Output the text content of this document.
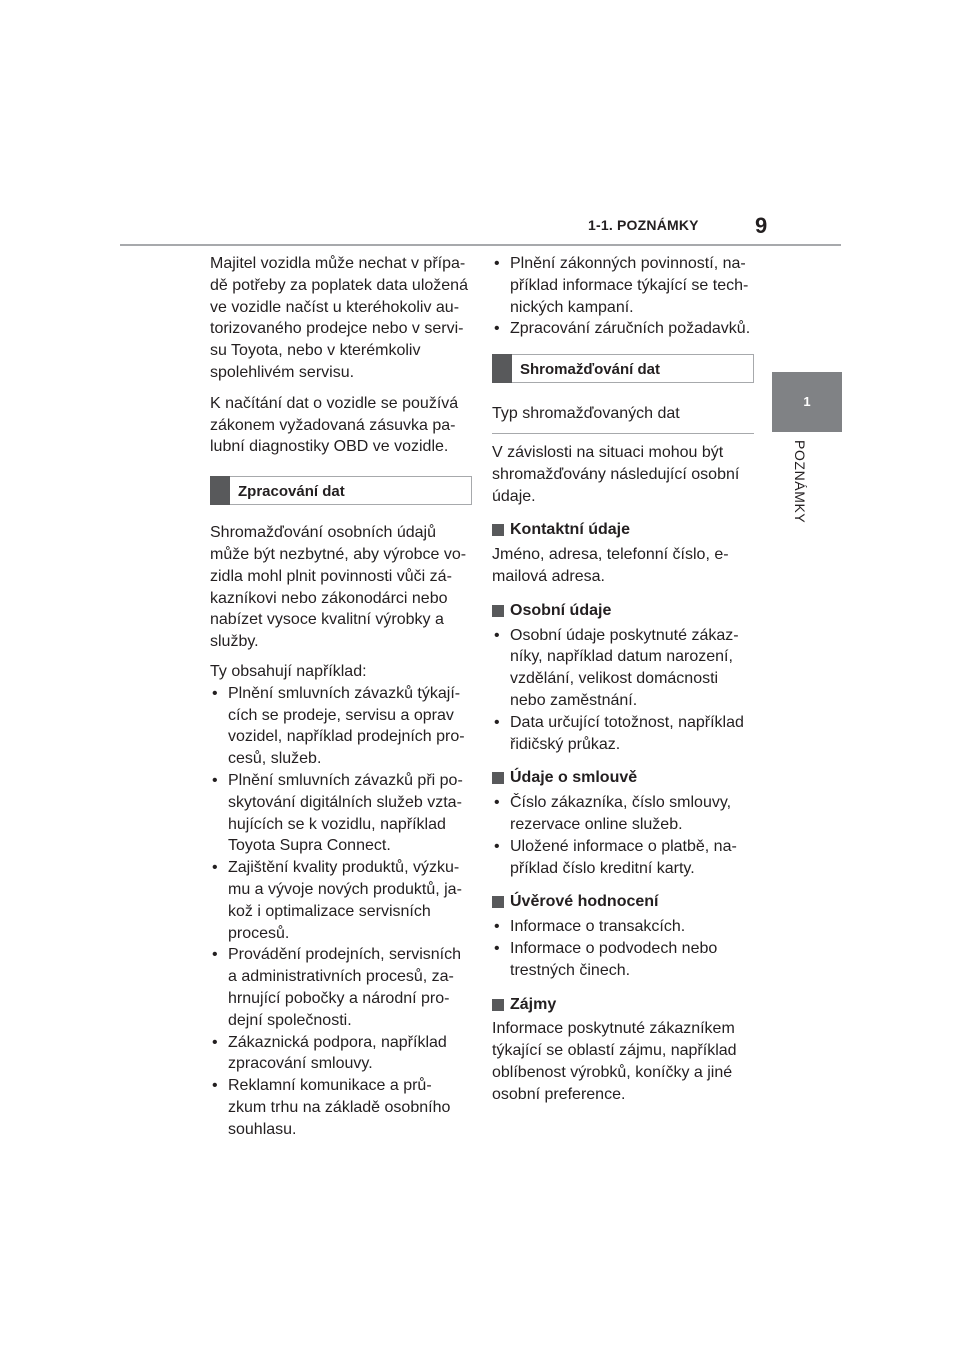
1-1. POZNÁMKY	9
1
POZNÁMKY

Majitel vozidla může nechat v přípa- dě potřeby za poplatek data uložená ve vozidle načíst u kteréhokoliv au- torizovaného prodejce nebo v servi- su Toyota, nebo v kterémkoliv spolehlivém servisu.

K načítání dat o vozidle se používá zákonem vyžadovaná zásuvka pa- lubní diagnostiky OBD ve vozidle.

Zpracování dat

Shromažďování osobních údajů může být nezbytné, aby výrobce vo- zidla mohl plnit povinnosti vůči zá- kazníkovi nebo zákonodárci nebo nabízet vysoce kvalitní výrobky a služby.

Ty obsahují například:
• Plnění smluvních závazků týkají- cích se prodeje, servisu a oprav vozidel, například prodejních pro- cesů, služeb.
• Plnění smluvních závazků při po- skytování digitálních služeb vzta- hujících se k vozidlu, například Toyota Supra Connect.
• Zajištění kvality produktů, výzku- mu a vývoje nových produktů, ja- kož i optimalizace servisních procesů.
• Provádění prodejních, servisních a administrativních procesů, za- hrnující pobočky a národní pro- dejní společnosti.
• Zákaznická podpora, například zpracování smlouvy.
• Reklamní komunikace a prů- zkum trhu na základě osobního souhlasu.
• Plnění zákonných povinností, na- příklad informace týkající se tech- nických kampaní.
• Zpracování záručních požadavků.
Shromažďování dat
Typ shromažďovaných dat

V závislosti na situaci mohou být shromažďovány následující osobní údaje.

Kontaktní údaje

Jméno, adresa, telefonní číslo, e-mailová adresa.

Osobní údaje
• Osobní údaje poskytnuté zákaz- níky, například datum narození, vzdělání, velikost domácnosti nebo zaměstnání.
• Data určující totožnost, například řidičský průkaz.
Údaje o smlouvě
• Číslo zákazníka, číslo smlouvy, rezervace online služeb.
• Uložené informace o platbě, na- příklad číslo kreditní karty.
Úvěrové hodnocení
• Informace o transakcích.
• Informace o podvodech nebo trestných činech.
Zájmy

Informace poskytnuté zákazníkem týkající se oblastí zájmu, například oblíbenost výrobků, koníčky a jiné osobní preference.
